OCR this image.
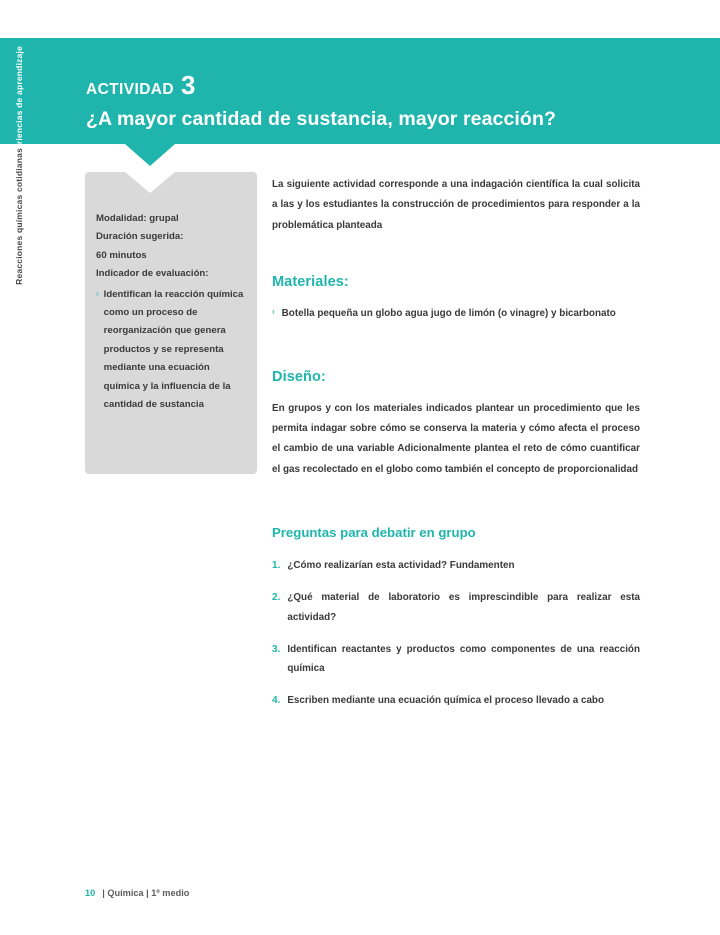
ACTIVIDAD 3
¿A mayor cantidad de sustancia, mayor reacción?
Experiencias de aprendizaje
Reacciones químicas cotidianas	Modalidad: grupal
Duración sugerida:
60 minutos
Indicador de evaluación:
› Identifican la reacción química como un proceso de reorganización que genera productos y se representa mediante una ecuación química y la influencia de la cantidad de sustancia

La siguiente actividad corresponde a una indagación científica la cual solicita a las y los estudiantes la construcción de procedimientos para responder a la problemática planteada

Materiales:
› Botella pequeña un globo agua jugo de limón (o vinagre) y bicarbonato
Diseño:

En grupos y con los materiales indicados plantear un procedimiento que les permita indagar sobre cómo se conserva la materia y cómo afecta el proceso el cambio de una variable Adicionalmente plantea el reto de cómo cuantificar el gas recolectado en el globo como también el concepto de proporcionalidad

Preguntas para debatir en grupo
1. ¿Cómo realizarían esta actividad? Fundamenten
2. ¿Qué material de laboratorio es imprescindible para realizar esta actividad?
3. Identifican reactantes y productos como componentes de una reacción química
4. Escriben mediante una ecuación química el proceso llevado a cabo
10 | Química | 1º medio
